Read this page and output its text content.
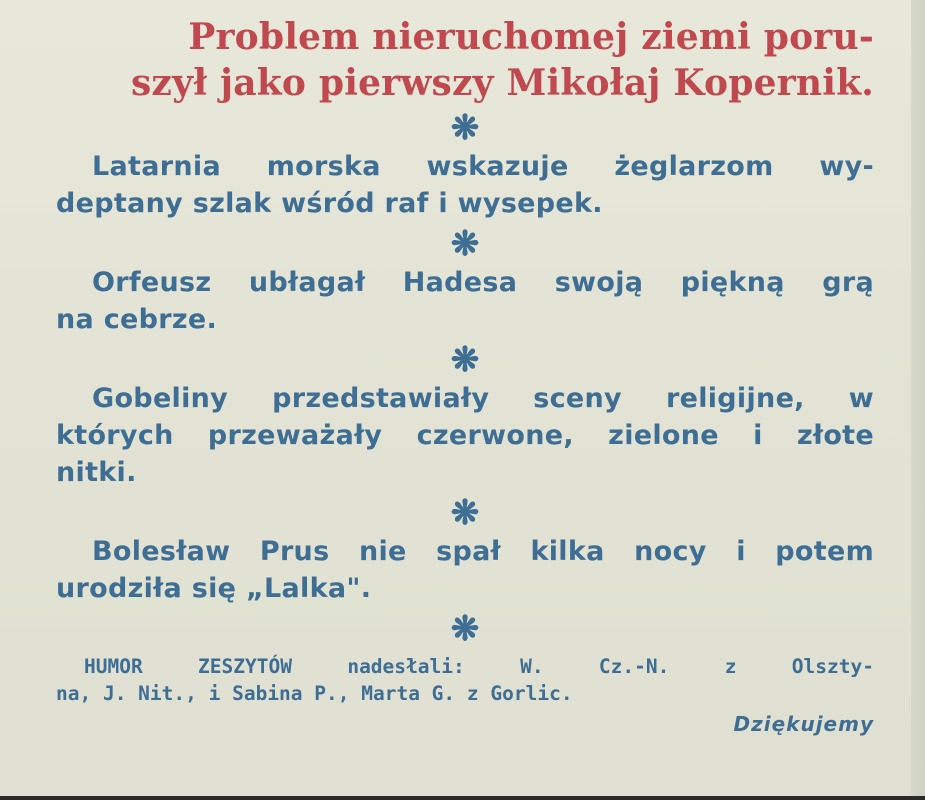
Problem nieruchomej ziemi poru-
szył jako pierwszy Mikołaj Kopernik.
❋

Latarnia morska wskazuje żeglarzom wy-
deptany szlak wśród raf i wysepek.

❋

Orfeusz ubłagał Hadesa swoją piękną grą
na cebrze.

❋

Gobeliny przedstawiały sceny religijne, w
których przeważały czerwone, zielone i złote
nitki.

❋

Bolesław Prus nie spał kilka nocy i potem
urodziła się „Lalka".

❋

HUMOR ZESZYTÓW nadesłali: W. Cz.-N. z Olszty-
na, J. Nit., i Sabina P., Marta G. z Gorlic.

Dziękujemy
